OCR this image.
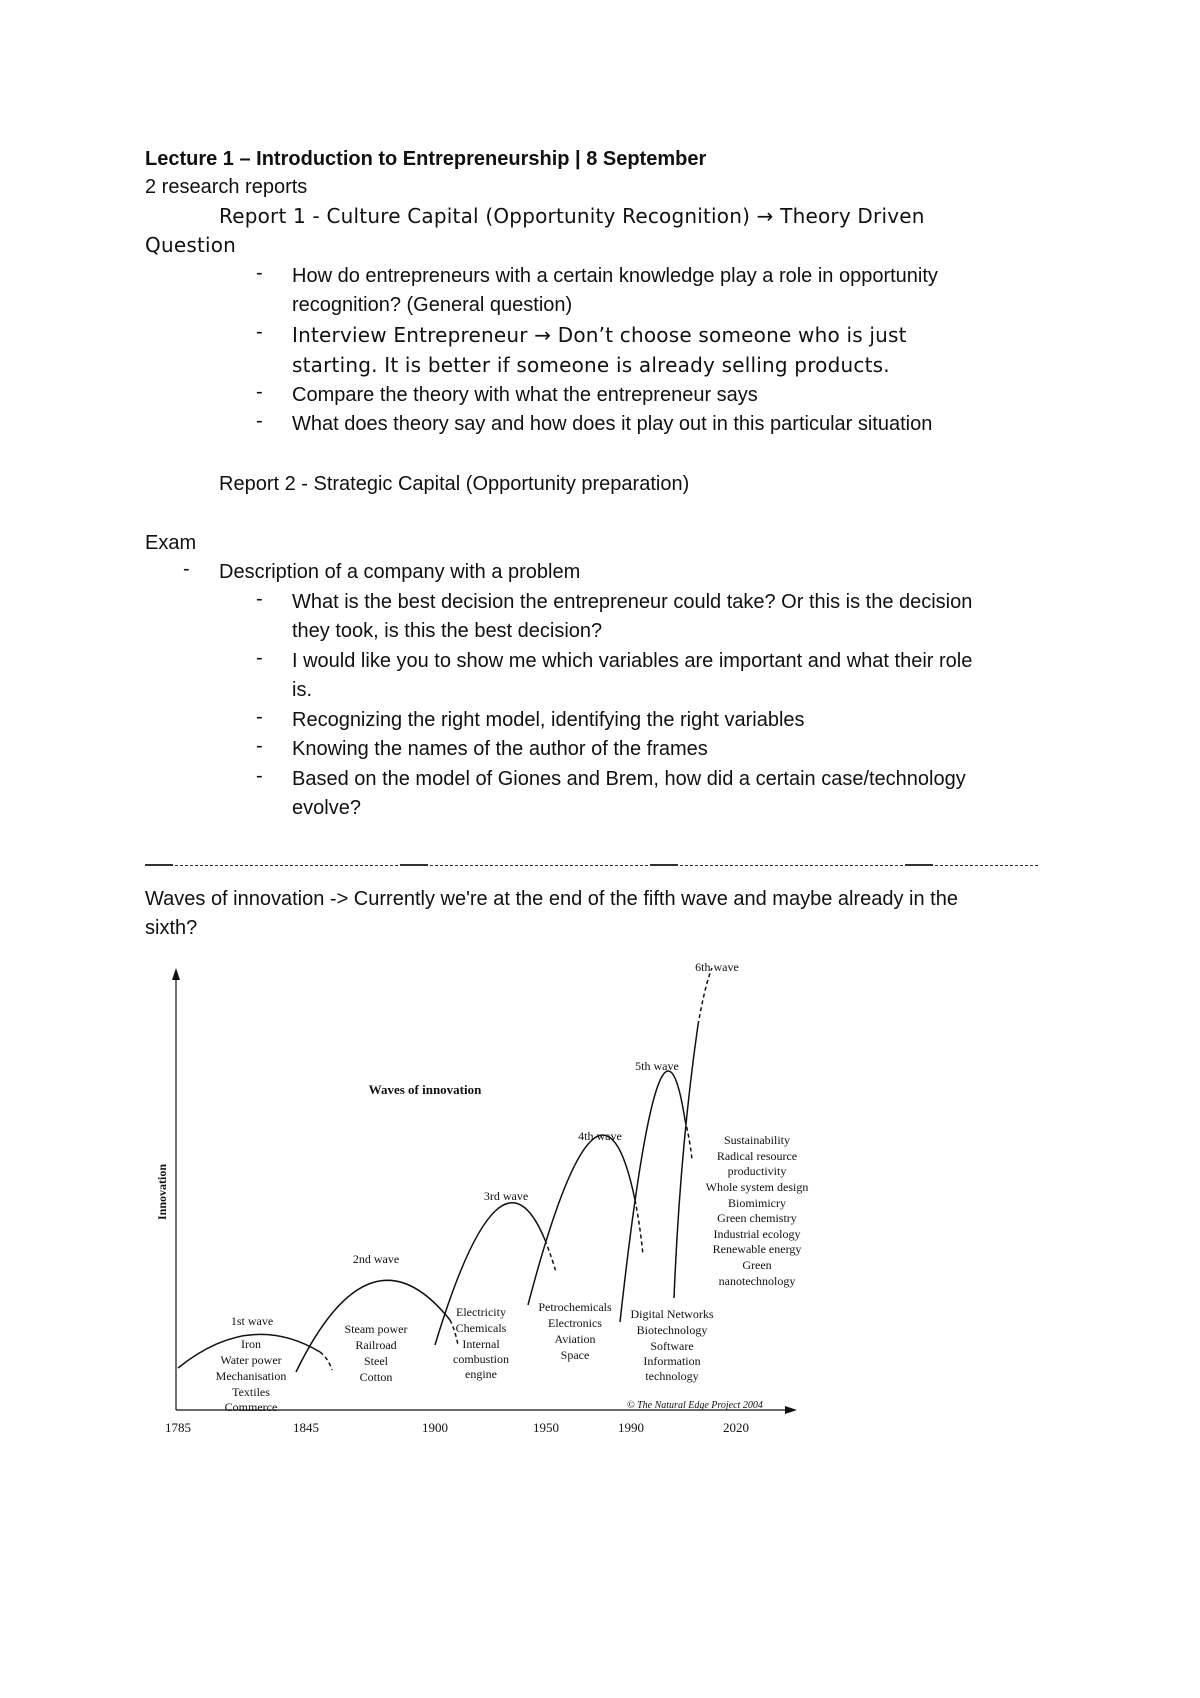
Lecture 1 – Introduction to Entrepreneurship | 8 September
2 research reports
Report 1 - Culture Capital (Opportunity Recognition) → Theory Driven
Question
- How do entrepreneurs with a certain knowledge play a role in opportunity
recognition? (General question)
- Interview Entrepreneur → Don’t choose someone who is just
starting. It is better if someone is already selling products.
- Compare the theory with what the entrepreneur says
- What does theory say and how does it play out in this particular situation
Report 2 - Strategic Capital (Opportunity preparation)
Exam
- Description of a company with a problem
- What is the best decision the entrepreneur could take? Or this is the decision
they took, is this the best decision?
- I would like you to show me which variables are important and what their role
is.
- Recognizing the right model, identifying the right variables
- Knowing the names of the author of the frames
- Based on the model of Giones and Brem, how did a certain case/technology
evolve?
Waves of innovation -> Currently we're at the end of the fifth wave and maybe already in the
sixth?
Innovation
Waves of innovation
1785	1845	1900	1950	1990	2020
© The Natural Edge Project 2004
1st wave
2nd wave
3rd wave
4th wave
5th wave
6th wave
Iron
Water power
Mechanisation
Textiles
Commerce
Steam power
Railroad
Steel
Cotton
Electricity
Chemicals
Internal
combustion
engine
Petrochemicals
Electronics
Aviation
Space
Digital Networks
Biotechnology
Software
Information
technology
Sustainability
Radical resource
productivity
Whole system design
Biomimicry
Green chemistry
Industrial ecology
Renewable energy
Green
nanotechnology
